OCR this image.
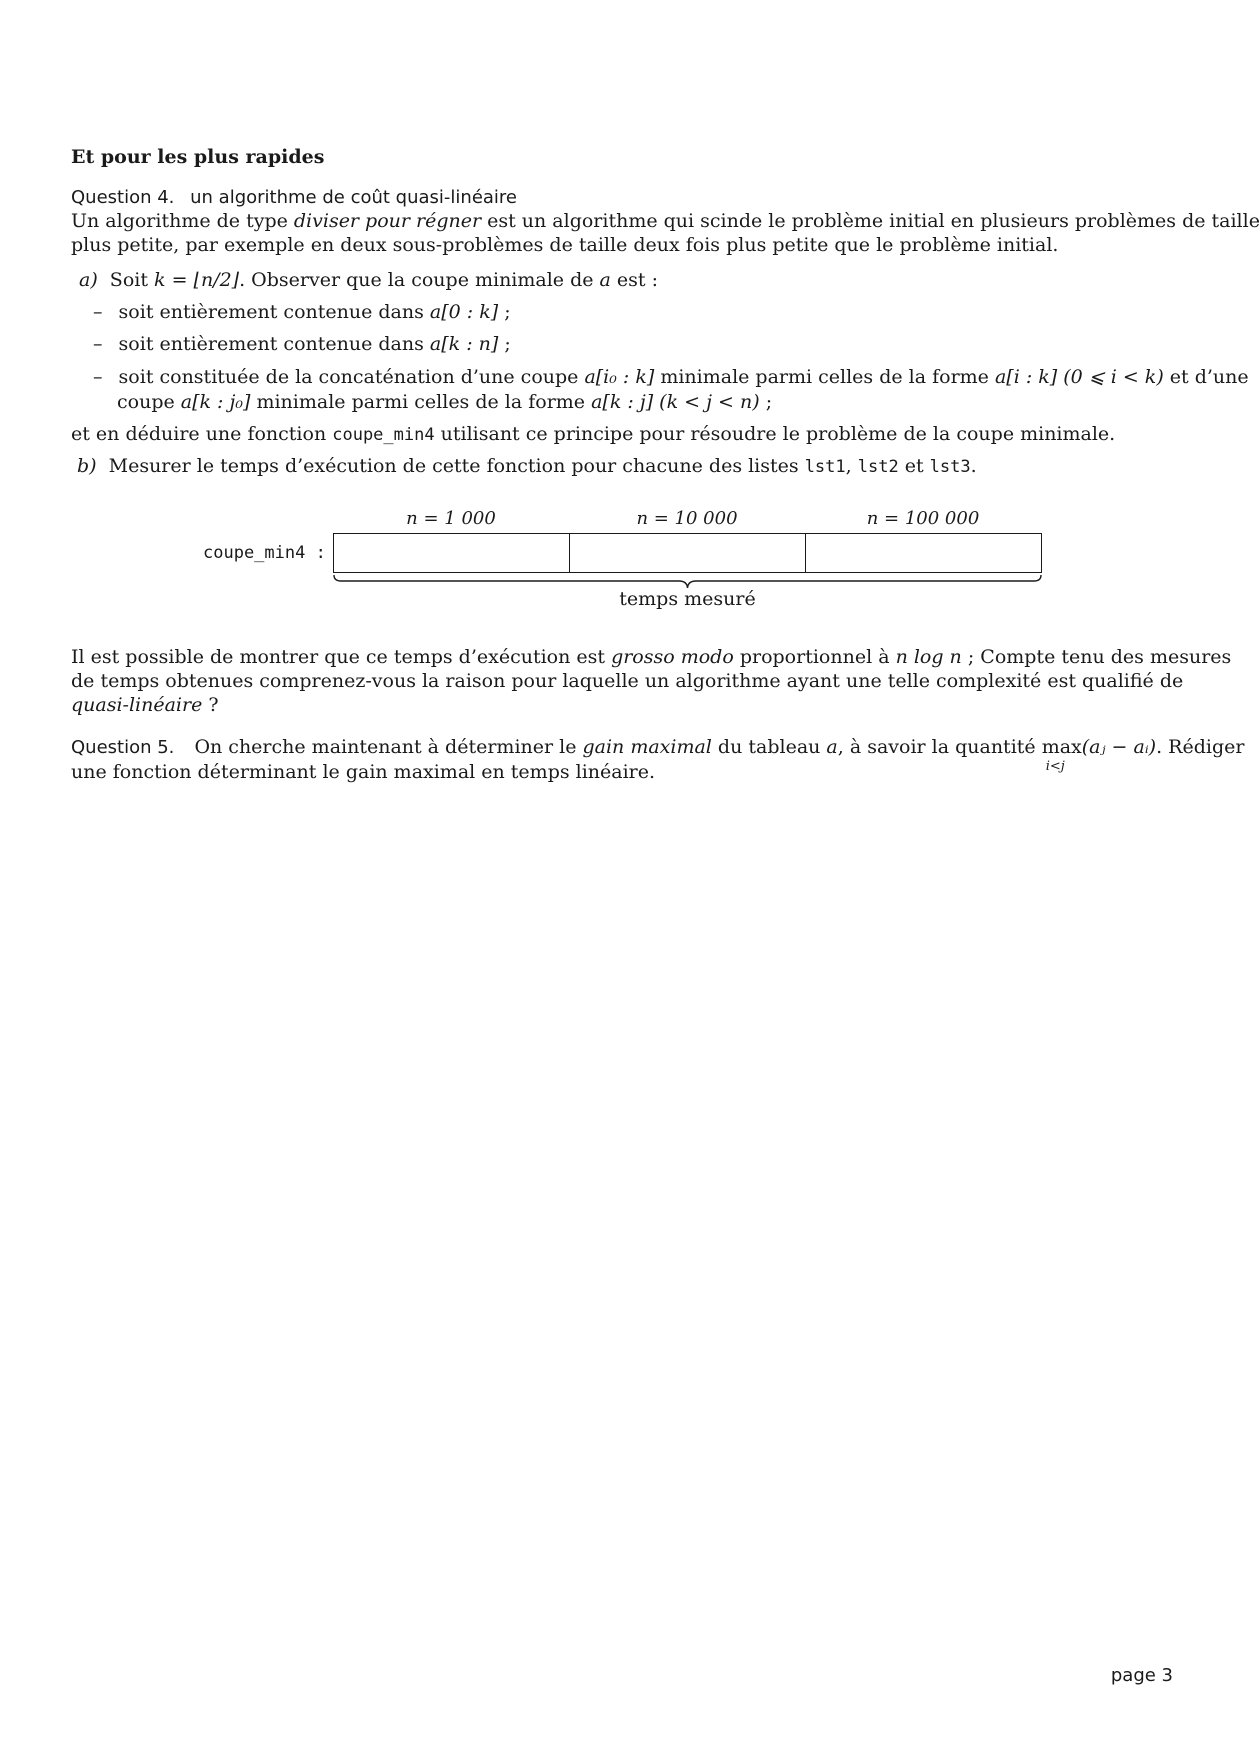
Et pour les plus rapides
Question 4. un algorithme de coût quasi-linéaire
Un algorithme de type diviser pour régner est un algorithme qui scinde le problème initial en plusieurs problèmes de taille
plus petite, par exemple en deux sous-problèmes de taille deux fois plus petite que le problème initial.
a) Soit k = ⌊n/2⌋. Observer que la coupe minimale de a est :
– soit entièrement contenue dans a[0 : k] ;
– soit entièrement contenue dans a[k : n] ;
– soit constituée de la concaténation d’une coupe a[i₀ : k] minimale parmi celles de la forme a[i : k] (0 ⩽ i < k) et d’une
coupe a[k : j₀] minimale parmi celles de la forme a[k : j] (k < j < n) ;
et en déduire une fonction coupe_min4 utilisant ce principe pour résoudre le problème de la coupe minimale.
b) Mesurer le temps d’exécution de cette fonction pour chacune des listes lst1, lst2 et lst3.
n = 1 000	n = 10 000	n = 100 000
coupe_min4 :
temps mesuré
Il est possible de montrer que ce temps d’exécution est grosso modo proportionnel à n log n ; Compte tenu des mesures
de temps obtenues comprenez-vous la raison pour laquelle un algorithme ayant une telle complexité est qualifié de
quasi-linéaire ?
Question 5. On cherche maintenant à déterminer le gain maximal du tableau a, à savoir la quantité max
i<j
(aⱼ − aᵢ). Rédiger
une fonction déterminant le gain maximal en temps linéaire.
page 3
